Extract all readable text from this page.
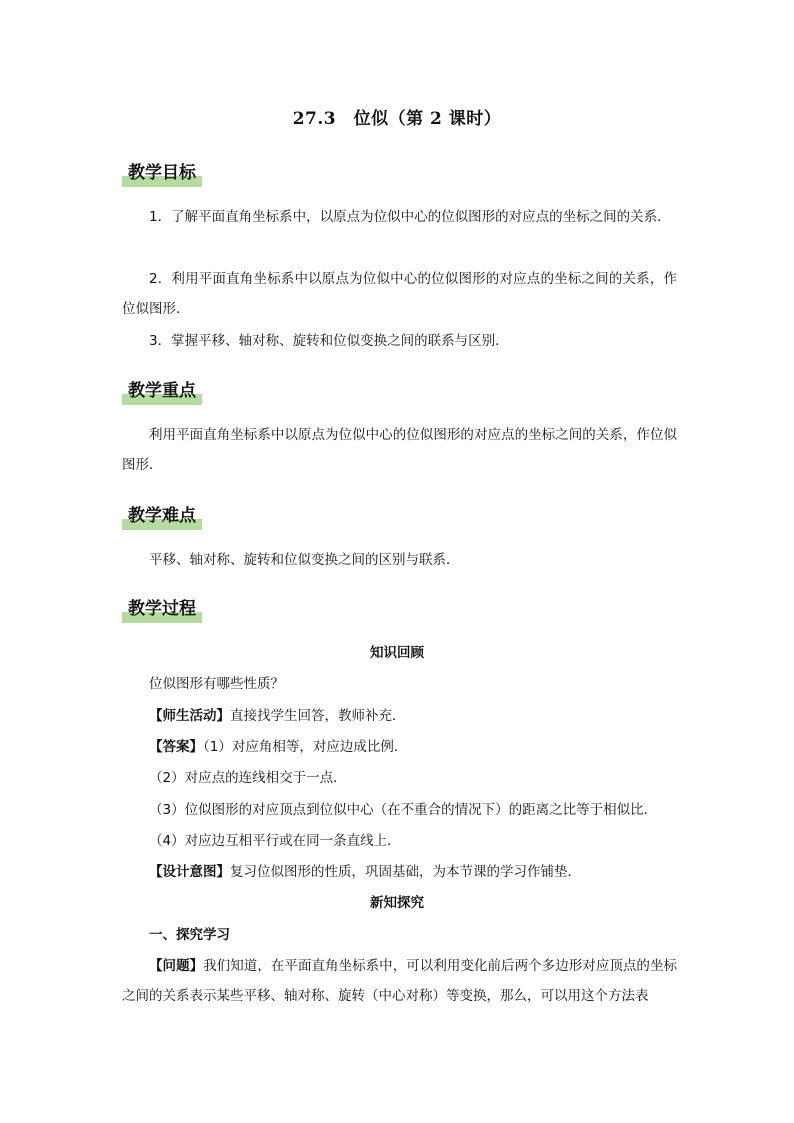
27.3　位似（第 2 课时）
教学目标
1．了解平面直角坐标系中，以原点为位似中心的位似图形的对应点的坐标之间的关系．
2．利用平面直角坐标系中以原点为位似中心的位似图形的对应点的坐标之间的关系，作位似图形．
3．掌握平移、轴对称、旋转和位似变换之间的联系与区别．
教学重点
利用平面直角坐标系中以原点为位似中心的位似图形的对应点的坐标之间的关系，作位似图形．
教学难点
平移、轴对称、旋转和位似变换之间的区别与联系．
教学过程
知识回顾
位似图形有哪些性质？
【师生活动】直接找学生回答，教师补充．
【答案】（1）对应角相等，对应边成比例．
（2）对应点的连线相交于一点．
（3）位似图形的对应顶点到位似中心（在不重合的情况下）的距离之比等于相似比．
（4）对应边互相平行或在同一条直线上．
【设计意图】复习位似图形的性质，巩固基础，为本节课的学习作铺垫．
新知探究
一、探究学习
【问题】我们知道，在平面直角坐标系中，可以利用变化前后两个多边形对应顶点的坐标之间的关系表示某些平移、轴对称、旋转（中心对称）等变换，那么，可以用这个方法表
